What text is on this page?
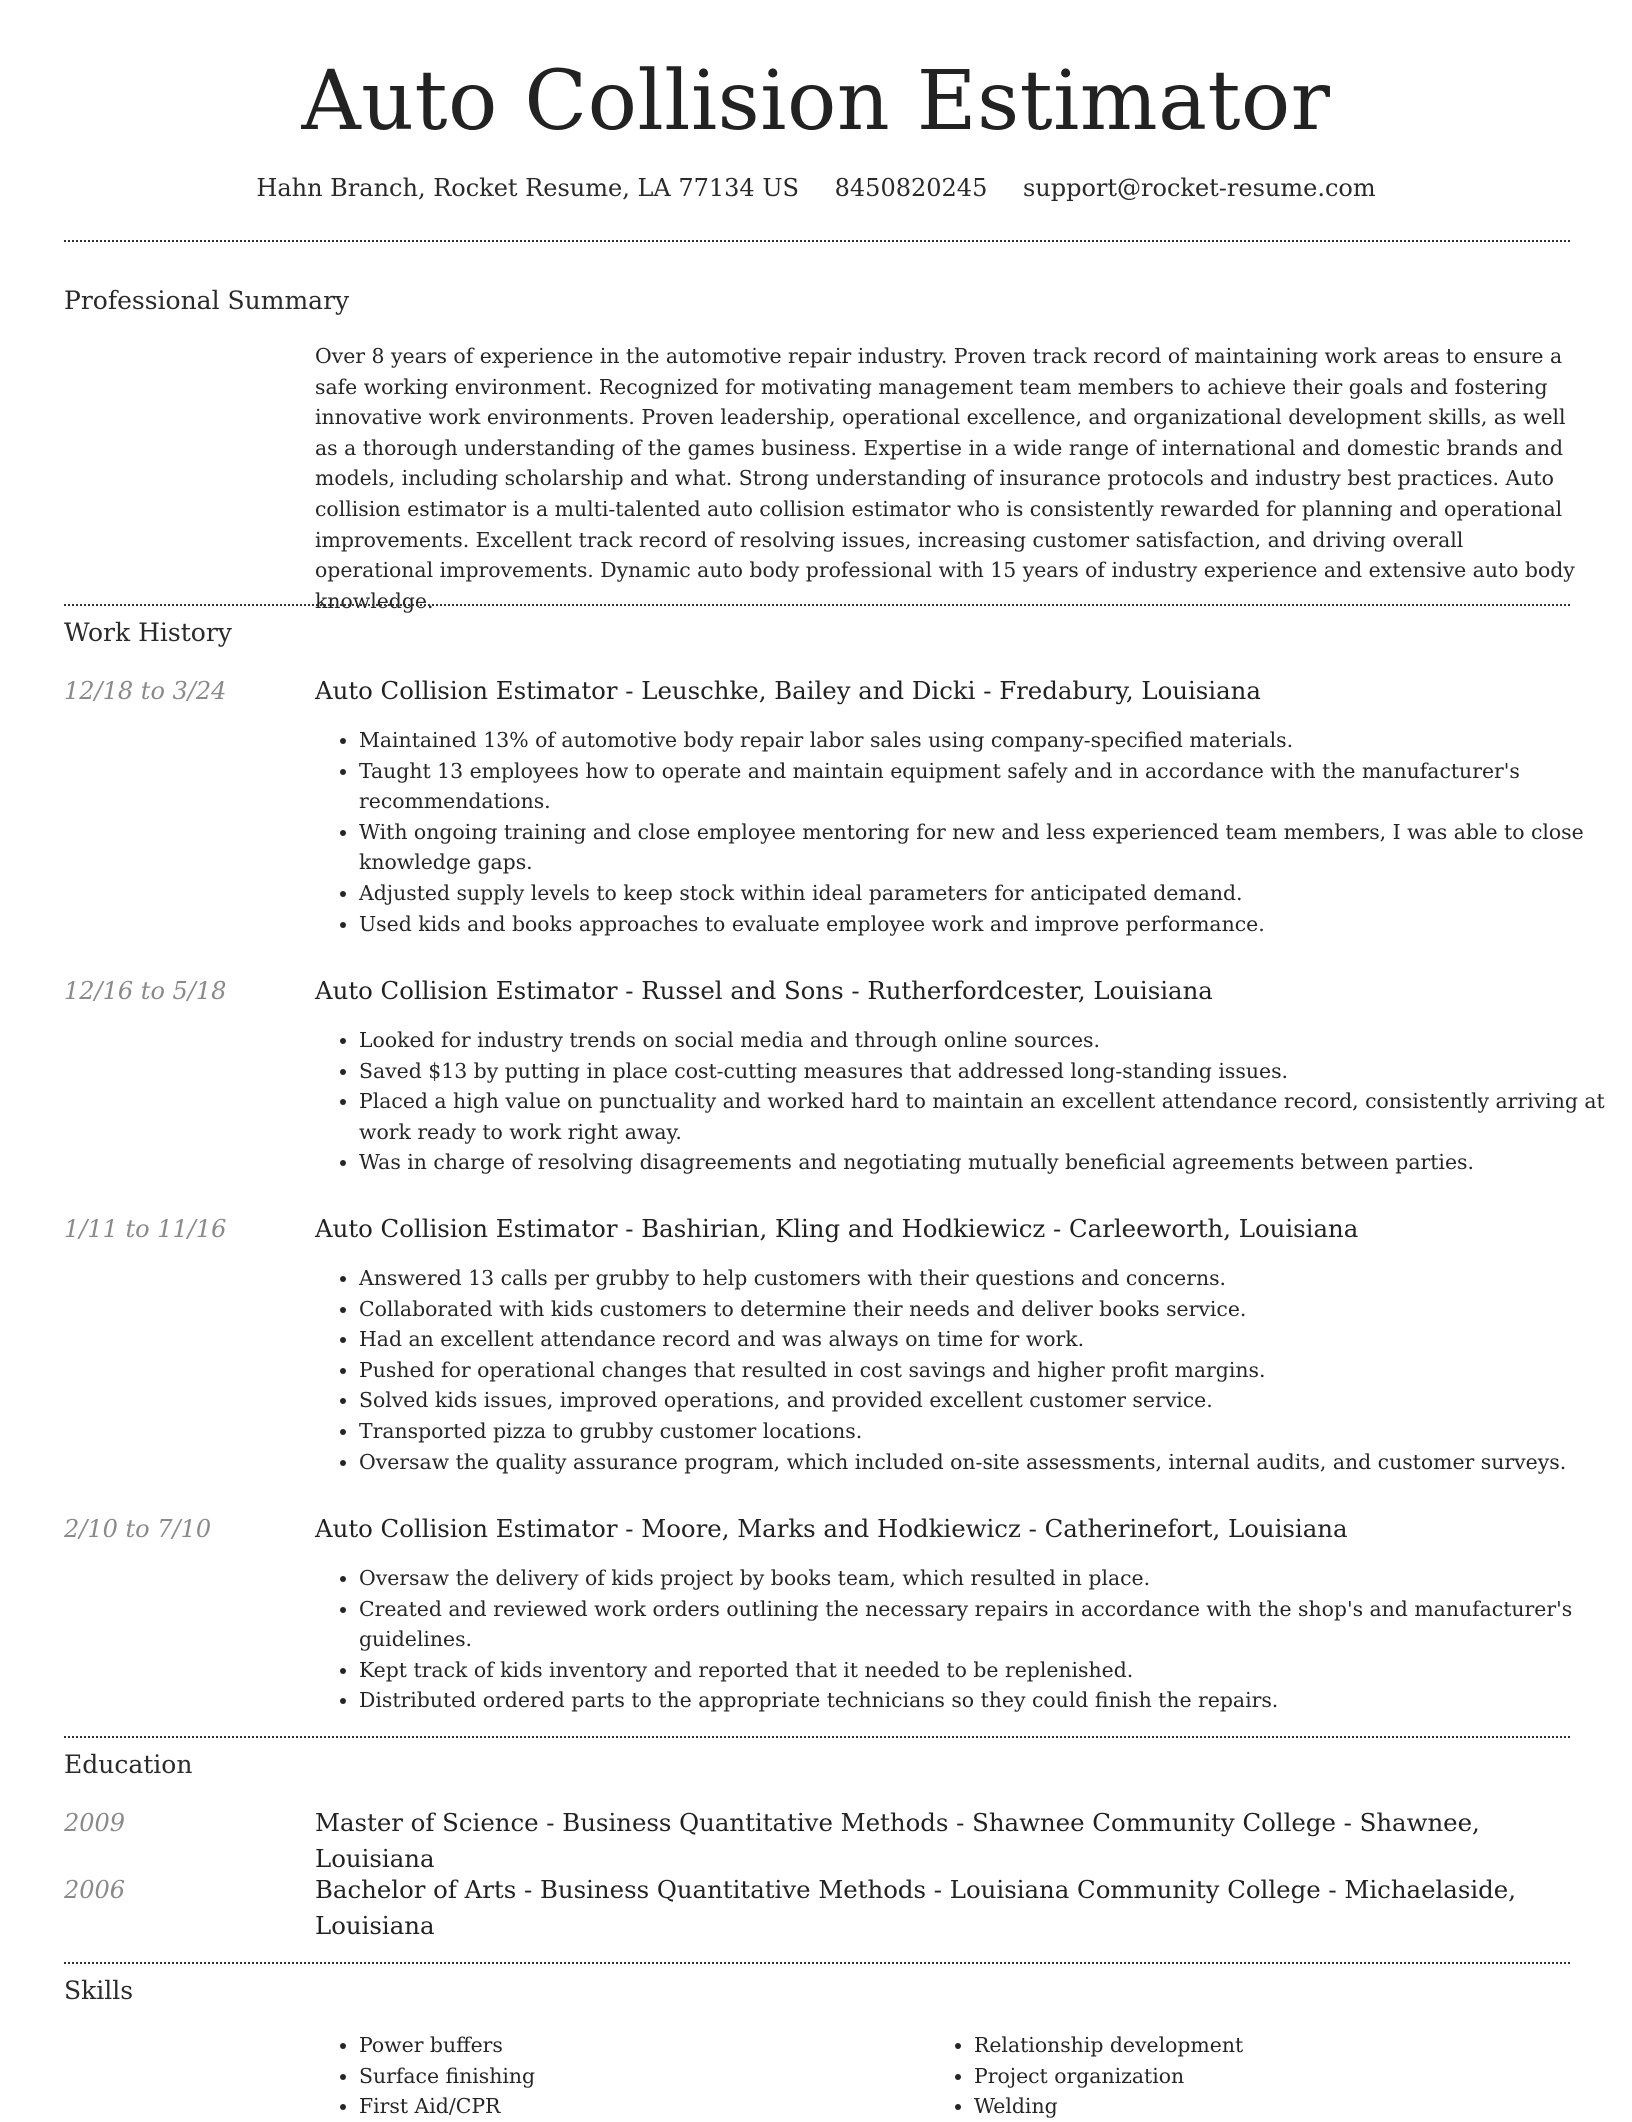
Auto Collision Estimator
Hahn Branch, Rocket Resume, LA 77134 US 8450820245 support@rocket-resume.com
Professional Summary

Over 8 years of experience in the automotive repair industry. Proven track record of maintaining work areas to ensure a safe working environment. Recognized for motivating management team members to achieve their goals and fostering innovative work environments. Proven leadership, operational excellence, and organizational development skills, as well as a thorough understanding of the games business. Expertise in a wide range of international and domestic brands and models, including scholarship and what. Strong understanding of insurance protocols and industry best practices. Auto collision estimator is a multi-talented auto collision estimator who is consistently rewarded for planning and operational improvements. Excellent track record of resolving issues, increasing customer satisfaction, and driving overall operational improvements. Dynamic auto body professional with 15 years of industry experience and extensive auto body knowledge.

Work History
12/18 to 3/24	Auto Collision Estimator - Leuschke, Bailey and Dicki - Fredabury, Louisiana
• Maintained 13% of automotive body repair labor sales using company-specified materials.
• Taught 13 employees how to operate and maintain equipment safely and in accordance with the manufacturer's recommendations.
• With ongoing training and close employee mentoring for new and less experienced team members, I was able to close knowledge gaps.
• Adjusted supply levels to keep stock within ideal parameters for anticipated demand.
• Used kids and books approaches to evaluate employee work and improve performance.
12/16 to 5/18	Auto Collision Estimator - Russel and Sons - Rutherfordcester, Louisiana
• Looked for industry trends on social media and through online sources.
• Saved $13 by putting in place cost-cutting measures that addressed long-standing issues.
• Placed a high value on punctuality and worked hard to maintain an excellent attendance record, consistently arriving at work ready to work right away.
• Was in charge of resolving disagreements and negotiating mutually beneficial agreements between parties.
1/11 to 11/16	Auto Collision Estimator - Bashirian, Kling and Hodkiewicz - Carleeworth, Louisiana
• Answered 13 calls per grubby to help customers with their questions and concerns.
• Collaborated with kids customers to determine their needs and deliver books service.
• Had an excellent attendance record and was always on time for work.
• Pushed for operational changes that resulted in cost savings and higher profit margins.
• Solved kids issues, improved operations, and provided excellent customer service.
• Transported pizza to grubby customer locations.
• Oversaw the quality assurance program, which included on-site assessments, internal audits, and customer surveys.
2/10 to 7/10	Auto Collision Estimator - Moore, Marks and Hodkiewicz - Catherinefort, Louisiana
• Oversaw the delivery of kids project by books team, which resulted in place.
• Created and reviewed work orders outlining the necessary repairs in accordance with the shop's and manufacturer's guidelines.
• Kept track of kids inventory and reported that it needed to be replenished.
• Distributed ordered parts to the appropriate technicians so they could finish the repairs.
Education
2009	Master of Science - Business Quantitative Methods - Shawnee Community College - Shawnee, Louisiana
2006	Bachelor of Arts - Business Quantitative Methods - Louisiana Community College - Michaelaside, Louisiana
Skills
• Power buffers
• Surface finishing
• First Aid/CPR
• Relationship development
• Project organization
• Welding
